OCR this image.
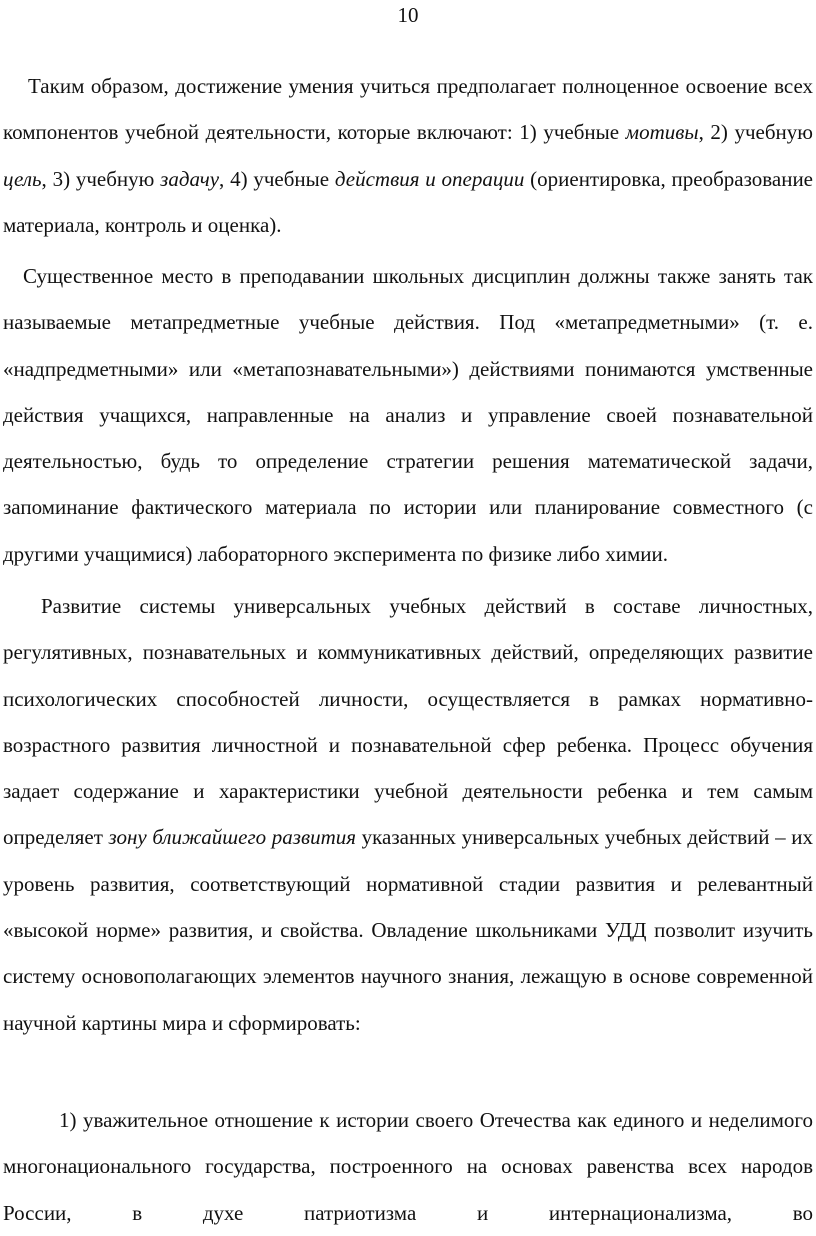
10

Таким образом, достижение умения учиться предполагает полноценное освоение всех компонентов учебной деятельности, которые включают: 1) учебные мотивы, 2) учебную цель, 3) учебную задачу, 4) учебные действия и операции (ориентировка, преобразование материала, контроль и оценка).

Существенное место в преподавании школьных дисциплин должны также занять так называемые метапредметные учебные действия. Под «метапредметными» (т. е. «надпредметными» или «метапознавательными») действиями понимаются умственные действия учащихся, направленные на анализ и управление своей познавательной деятельностью, будь то определение стратегии решения математической задачи, запоминание фактического материала по истории или планирование совместного (с другими учащимися) лабораторного эксперимента по физике либо химии.

Развитие системы универсальных учебных действий в составе личностных, регулятивных, познавательных и коммуникативных действий, определяющих развитие психологических способностей личности, осуществляется в рамках нормативно-возрастного развития личностной и познавательной сфер ребенка. Процесс обучения задает содержание и характеристики учебной деятельности ребенка и тем самым определяет зону ближайшего развития указанных универсальных учебных действий – их уровень развития, соответствующий нормативной стадии развития и релевантный «высокой норме» развития, и свойства. Овладение школьниками УДД позволит изучить систему основополагающих элементов научного знания, лежащую в основе современной научной картины мира и сформировать:

1) уважительное отношение к истории своего Отечества как единого и неделимого многонационального государства, построенного на основах равенства всех народов России, в духе патриотизма и интернационализма, во
